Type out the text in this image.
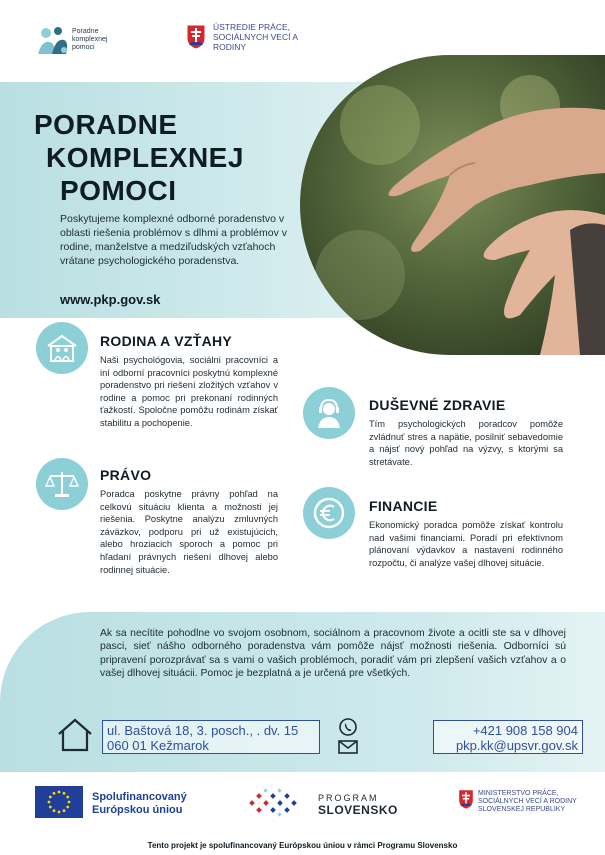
Poradne
komplexnej
pomoci
ÚSTREDIE PRÁCE, SOCIÁLNYCH VECÍ A RODINY
PORADNE
KOMPLEXNEJ
POMOCI
Poskytujeme komplexné odborné poradenstvo v oblasti riešenia problémov s dlhmi a problémov v rodine, manželstve a medziľudských vzťahoch vrátane psychologického poradenstva.
www.pkp.gov.sk
RODINA A VZŤAHY
Naši psychológovia, sociálni pracovníci a iní odborní pracovníci poskytnú komplexné poradenstvo pri riešení zložitých vzťahov v rodine a pomoc pri prekonaní rodinných ťažkostí. Spoločne pomôžu rodinám získať stabilitu a pochopenie.
PRÁVO
Poradca poskytne právny pohľad na celkovú situáciu klienta a možnosti jej riešenia. Poskytne analýzu zmluvných záväzkov, podporu pri už existujúcich, alebo hroziacich sporoch a pomoc pri hľadaní právnych riešení dlhovej alebo rodinnej situácie.
DUŠEVNÉ ZDRAVIE
Tím psychologických poradcov pomôže zvládnuť stres a napätie, posilniť sebavedomie a nájsť nový pohľad na výzvy, s ktorými sa stretávate.
FINANCIE
Ekonomický poradca pomôže získať kontrolu nad vašimi financiami. Poradí pri efektívnom plánovaní výdavkov a nastavení rodinného rozpočtu, či analýze vašej dlhovej situácie.
Ak sa necítite pohodlne vo svojom osobnom, sociálnom a pracovnom živote a ocitli ste sa v dlhovej pasci, sieť nášho odborného poradenstva vám pomôže nájsť možnosti riešenia. Odborníci sú pripravení porozprávať sa s vami o vašich problémoch, poradiť vám pri zlepšení vašich vzťahov a o vašej dlhovej situácii. Pomoc je bezplatná a je určená pre všetkých.
ul. Baštová 18, 3. posch., . dv. 15
060 01 Kežmarok
+421 908 158 904
pkp.kk@upsvr.gov.sk
Spolufinancovaný
Európskou úniou
PROGRAM
SLOVENSKO
MINISTERSTVO PRÁCE, SOCIÁLNYCH VECÍ A RODINY SLOVENSKEJ REPUBLIKY
Tento projekt je spolufinancovaný Európskou úniou v rámci Programu Slovensko
